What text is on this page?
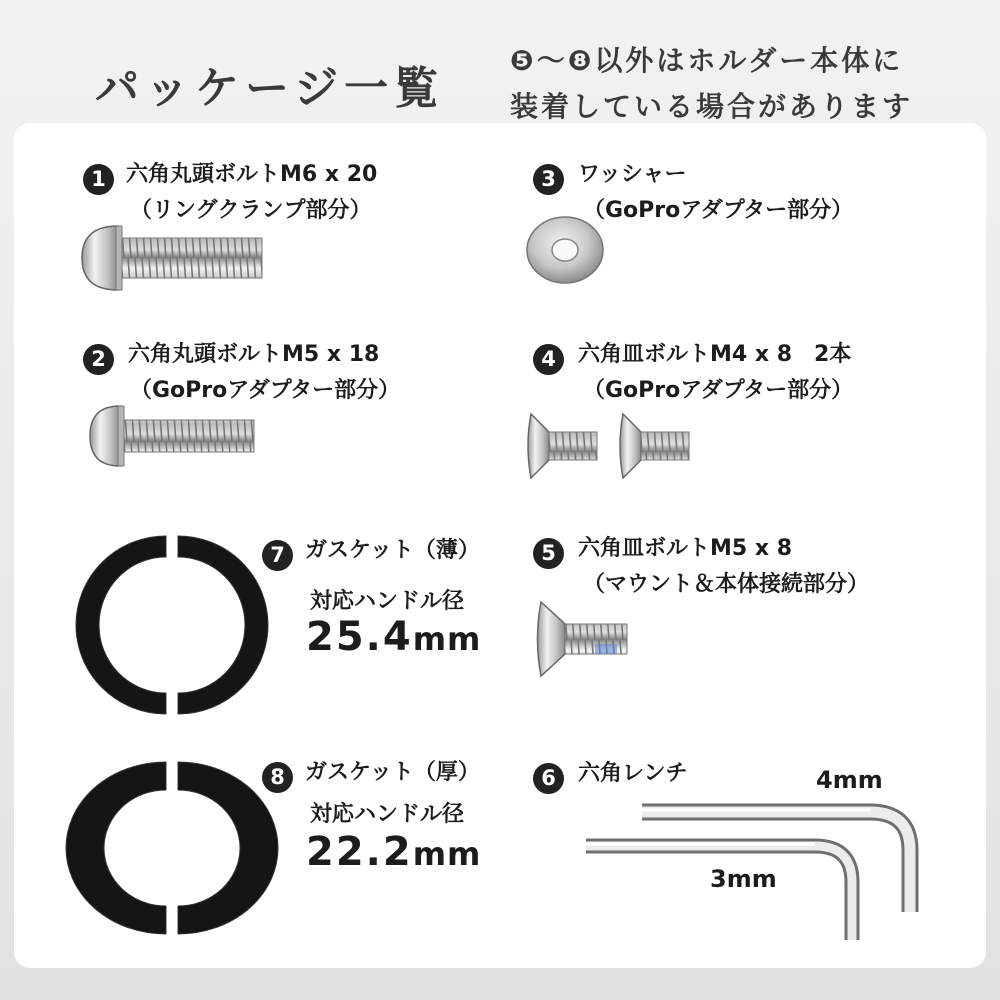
パッケージ一覧
❺〜❽以外はホルダー本体に
装着している場合があります
1 六角丸頭ボルトM6 x 20
（リングクランプ部分）
2	六角丸頭ボルトM5 x 18
（GoProアダプター部分）
3	ワッシャー
（GoProアダプター部分）
4	六角皿ボルトM4 x 8　2本
（GoProアダプター部分）
5	六角皿ボルトM5 x 8
（マウント＆本体接続部分）
6	六角レンチ	4mm
3mm
7 ガスケット（薄）
対応ハンドル径
25.4mm
8 ガスケット（厚）
対応ハンドル径
22.2mm
